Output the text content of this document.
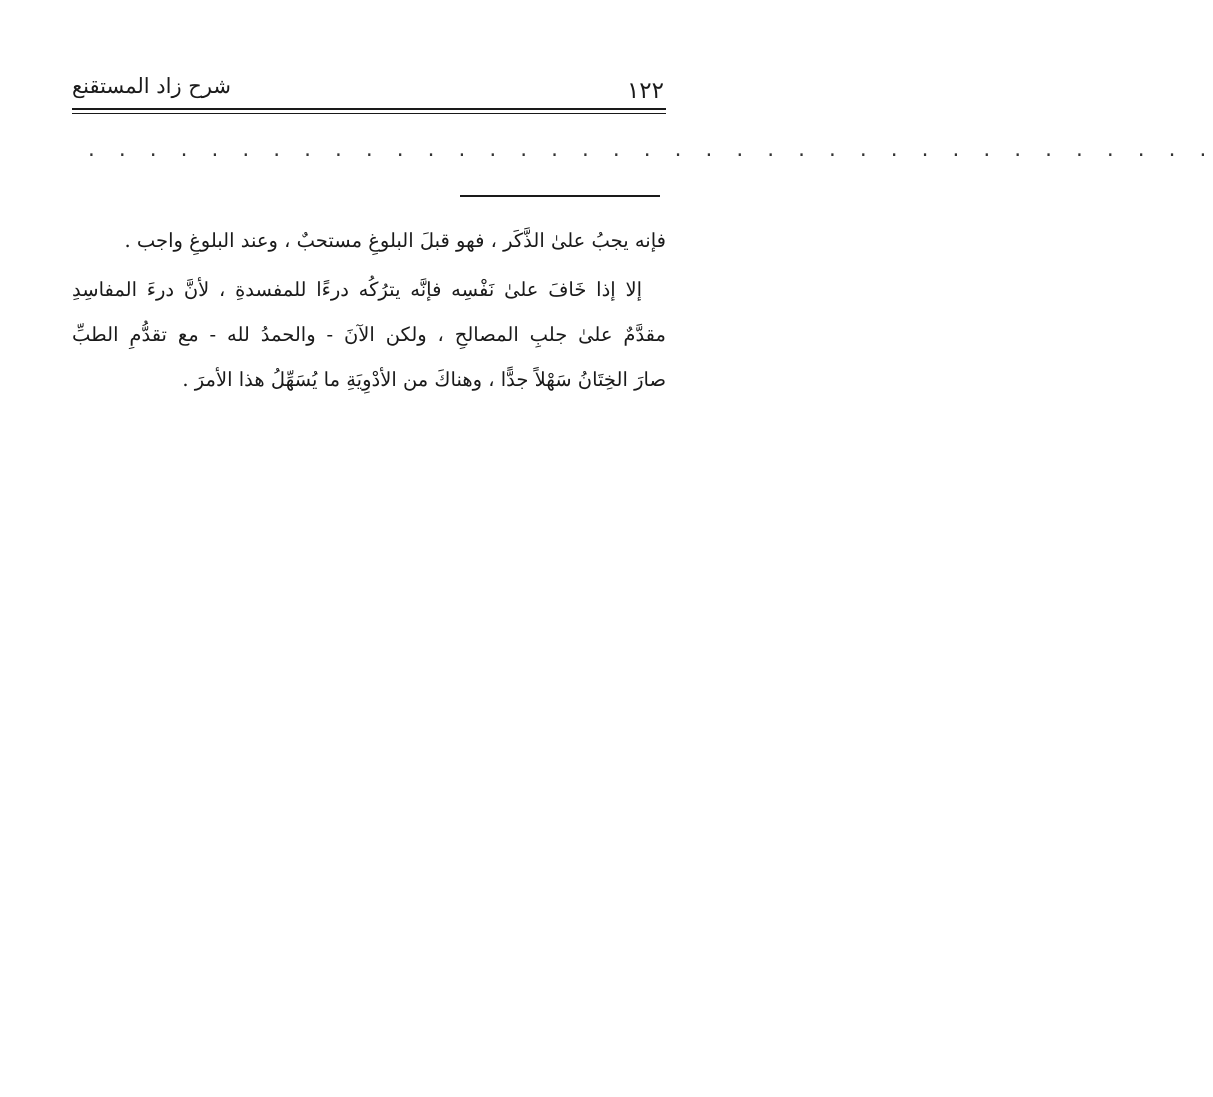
١٢٢
شرح زاد المستقنع
. . . . . . . . . . . . . . . . . . . . . . . . . . . . . . . . . . . . .

فإنه يجبُ علىٰ الذَّكَر ، فهو قبلَ البلوغِ مستحبٌ ، وعند البلوغِ واجب .

إلا إذا خَافَ علىٰ نَفْسِه فإنَّه يترُكُه درءًا للمفسدةِ ، لأنَّ درءَ المفاسِدِ
مقدَّمٌ علىٰ جلبِ المصالحِ ، ولكن الآنَ - والحمدُ لله - مع تقدُّمِ الطبِّ
صارَ الخِتَانُ سَهْلاً جدًّا ، وهناكَ من الأدْوِيَةِ ما يُسَهِّلُ هذا الأمرَ .
